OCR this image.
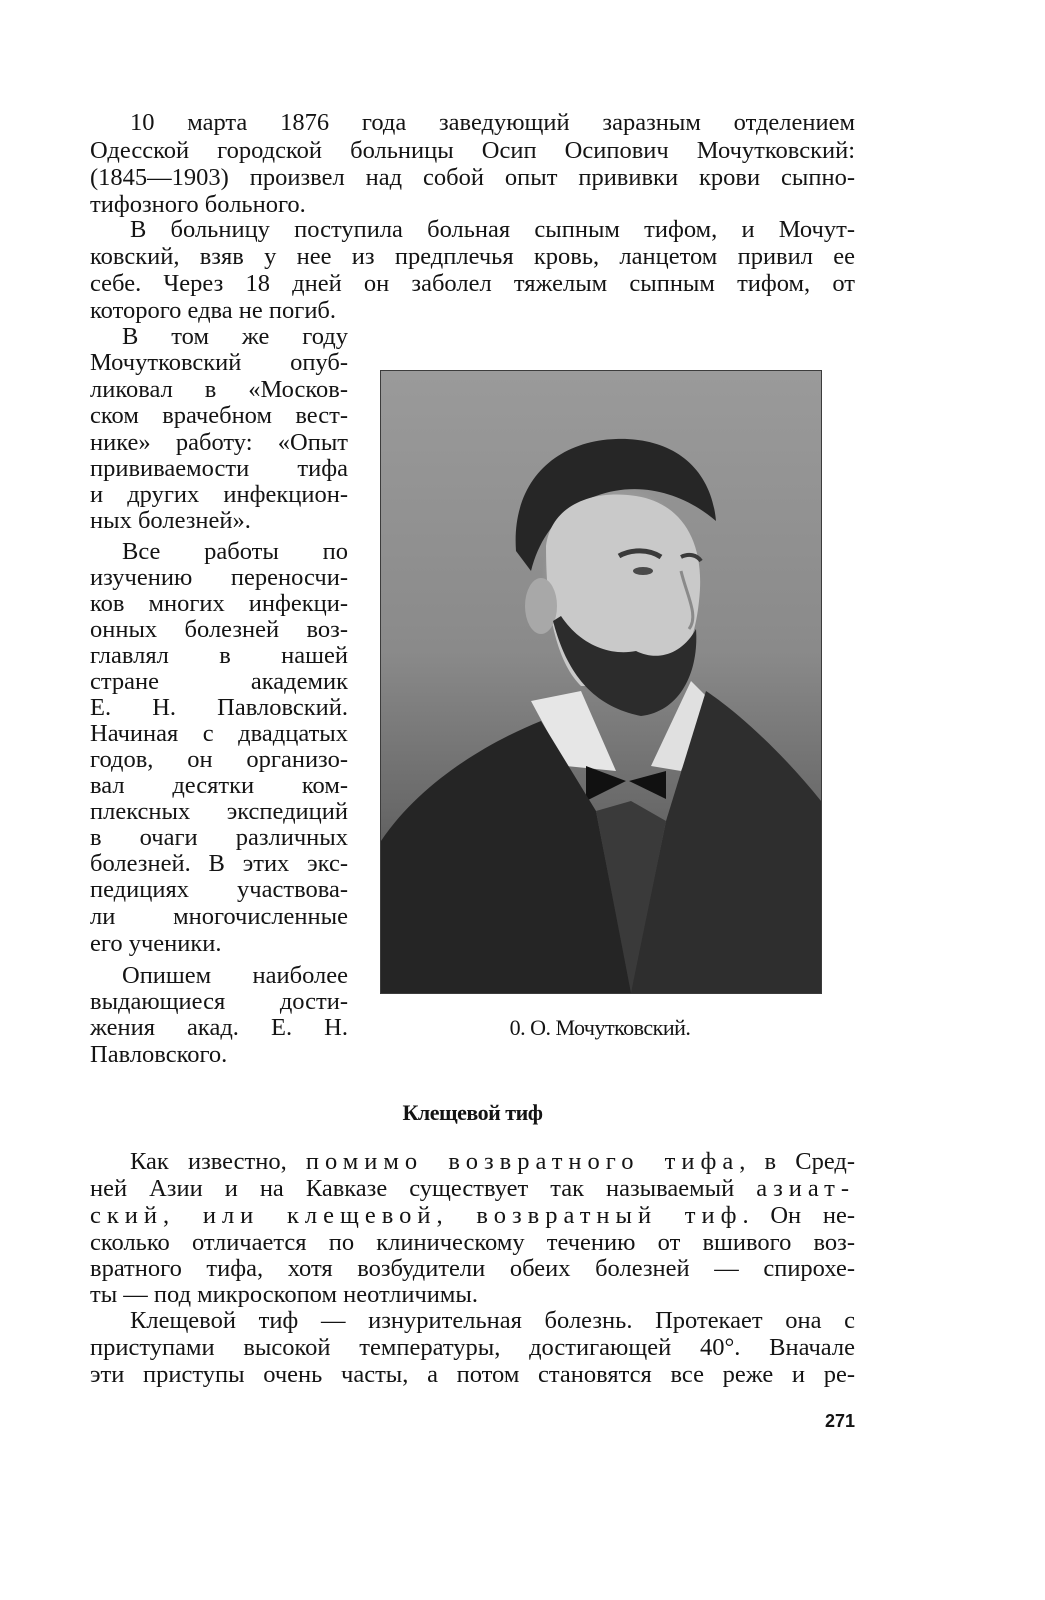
10 марта 1876 года заведующий заразным отделением
Одесской городской больницы Осип Осипович Мочутковский:
(1845—1903) произвел над собой опыт прививки крови сыпно-
тифозного больного.
В больницу поступила больная сыпным тифом, и Мочут-
ковский, взяв у нее из предплечья кровь, ланцетом привил ее
себе. Через 18 дней он заболел тяжелым сыпным тифом, от
которого едва не погиб.
В том же году
Мочутковский опуб-
ликовал в «Москов-
ском врачебном вест-
нике» работу: «Опыт
прививаемости тифа
и других инфекцион-
ных болезней».
Все работы по
изучению переносчи-
ков многих инфекци-
онных болезней воз-
главлял в нашей
стране академик
Е. Н. Павловский.
Начиная с двадцатых
годов, он организо-
вал десятки ком-
плексных экспедиций
в очаги различных
болезней. В этих экс-
педициях участвова-
ли многочисленные
его ученики.
Опишем наиболее
выдающиеся дости-
жения акад. Е. Н.
Павловского.
0. О. Мочутковский.
Клещевой тиф
Как известно, помимо возвратного тифа, в Сред-
ней Азии и на Кавказе существует так называемый азиат-
ский, или клещевой, возвратный тиф. Он не-
сколько отличается по клиническому течению от вшивого воз-
вратного тифа, хотя возбудители обеих болезней — спирохе-
ты — под микроскопом неотличимы.
Клещевой тиф — изнурительная болезнь. Протекает она с
приступами высокой температуры, достигающей 40°. Вначале
эти приступы очень часты, а потом становятся все реже и ре-
271
